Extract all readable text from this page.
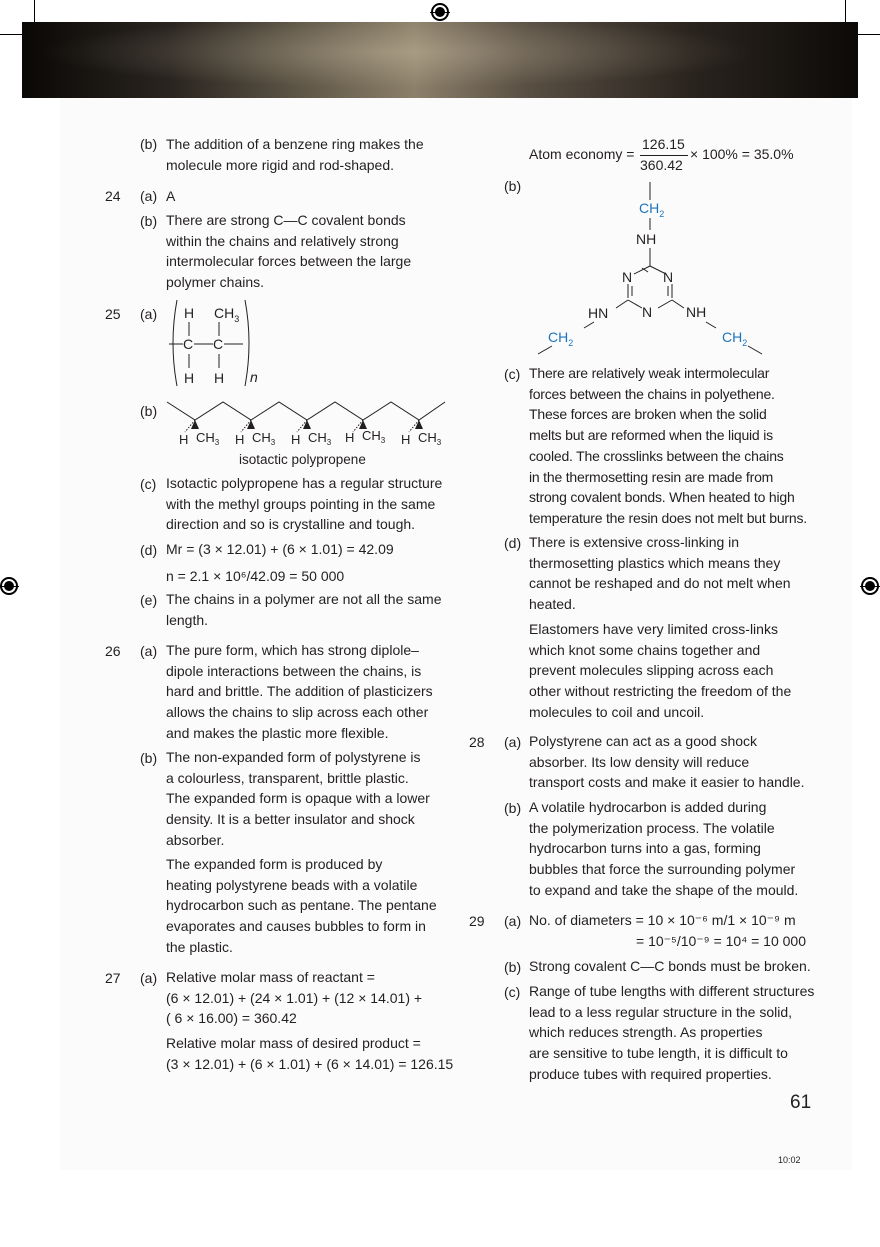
(b) The addition of a benzene ring makes the
molecule more rigid and rod-shaped.
24 (a) A
(b) There are strong C—C covalent bonds
within the chains and relatively strong
intermolecular forces between the large
polymer chains.
25 (a) H $CH_3$
C C
H H n
(b)
H $CH_3$ H $CH_3$ H $CH_3$ H $CH_3$ H $CH_3$
isotactic polypropene
(c) Isotactic polypropene has a regular structure
with the methyl groups pointing in the same
direction and so is crystalline and tough.
(d) Mr = (3 × 12.01) + (6 × 1.01) = 42.09
n = 2.1 × 10⁶/42.09 = 50 000
(e) The chains in a polymer are not all the same
length.
26 (a) The pure form, which has strong diplole–
dipole interactions between the chains, is
hard and brittle. The addition of plasticizers
allows the chains to slip across each other
and makes the plastic more flexible.
(b) The non-expanded form of polystyrene is
a colourless, transparent, brittle plastic.
The expanded form is opaque with a lower
density. It is a better insulator and shock
absorber.
The expanded form is produced by
heating polystyrene beads with a volatile
hydrocarbon such as pentane. The pentane
evaporates and causes bubbles to form in
the plastic.
27 (a) Relative molar mass of reactant =
(6 × 12.01) + (24 × 1.01) + (12 × 14.01) +
( 6 × 16.00) = 360.42
Relative molar mass of desired product =
(3 × 12.01) + (6 × 1.01) + (6 × 14.01) = 126.15
Atom economy =
126.15
360.42
× 100% = 35.0%
(b)
$CH_2$
NH
N N
N
HN	NH
$CH_2$	$CH_2$
(c) There are relatively weak intermolecular
forces between the chains in polyethene.
These forces are broken when the solid
melts but are reformed when the liquid is
cooled. The crosslinks between the chains
in the thermosetting resin are made from
strong covalent bonds. When heated to high
temperature the resin does not melt but burns.
(d) There is extensive cross-linking in
thermosetting plastics which means they
cannot be reshaped and do not melt when
heated.
Elastomers have very limited cross-links
which knot some chains together and
prevent molecules slipping across each
other without restricting the freedom of the
molecules to coil and uncoil.
28 (a) Polystyrene can act as a good shock
absorber. Its low density will reduce
transport costs and make it easier to handle.
(b) A volatile hydrocarbon is added during
the polymerization process. The volatile
hydrocarbon turns into a gas, forming
bubbles that force the surrounding polymer
to expand and take the shape of the mould.
29 (a) No. of diameters = 10 × 10⁻⁶ m/1 × 10⁻⁹ m
= 10⁻⁵/10⁻⁹ = 10⁴ = 10 000
(b) Strong covalent C—C bonds must be broken.
(c) Range of tube lengths with different structures
lead to a less regular structure in the solid,
which reduces strength. As properties
are sensitive to tube length, it is difficult to
produce tubes with required properties.
61
10:02
